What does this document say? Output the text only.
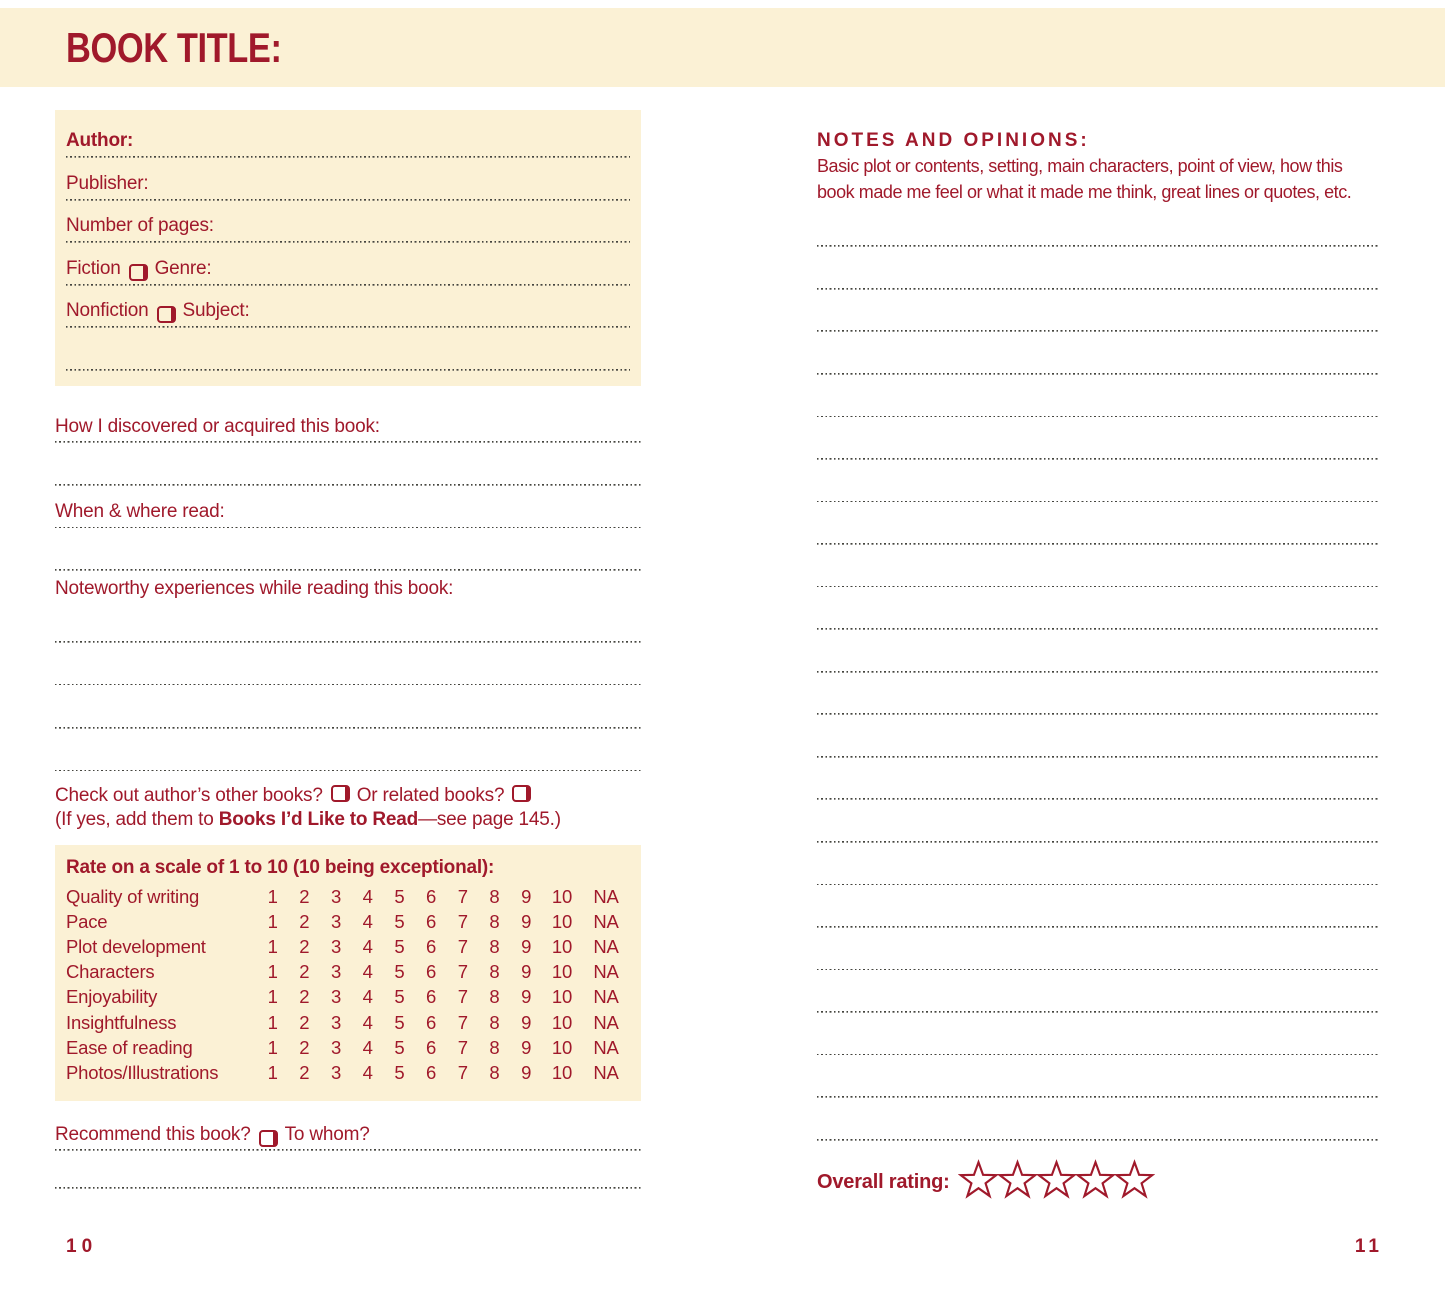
BOOK TITLE:
Author:
Publisher:
Number of pages:
Fiction Genre:
Nonfiction Subject:
How I discovered or acquired this book:
When & where read:
Noteworthy experiences while reading this book:
Check out author’s other books? Or related books?
(If yes, add them to Books I’d Like to Read—see page 145.)
Rate on a scale of 1 to 10 (10 being exceptional):
Quality of writing	1	2	3	4	5	6	7	8	9	10	NA
Pace	1	2	3	4	5	6	7	8	9	10	NA
Plot development	1	2	3	4	5	6	7	8	9	10	NA
Characters	1	2	3	4	5	6	7	8	9	10	NA
Enjoyability	1	2	3	4	5	6	7	8	9	10	NA
Insightfulness	1	2	3	4	5	6	7	8	9	10	NA
Ease of reading	1	2	3	4	5	6	7	8	9	10	NA
Photos/Illustrations	1	2	3	4	5	6	7	8	9	10	NA
Recommend this book? To whom?
10
NOTES AND OPINIONS:
Basic plot or contents, setting, main characters, point of view, how this book made me feel or what it made me think, great lines or quotes, etc.
Overall rating:
11
